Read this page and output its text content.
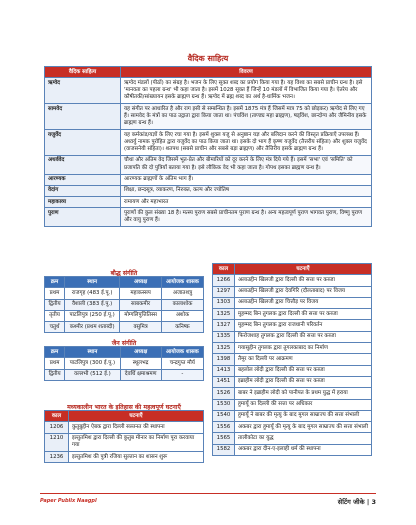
वैदिक साहित्य
वैदिक साहित्य	विवरण
ऋग्वेद	ऋग्वेद मंडलों (पीठों) का संग्रह है। भजन के लिए सूक्त शब्द का प्रयोग किया गया है। यह विश्व का सबसे प्राचीन ग्रन्थ है। इसे 'मानवता का पहला ग्रन्थ' भी कहा जाता है। इसमें 1028 सूक्त हैं जिन्हें 10 मंडलों में विभाजित किया गया है। ऐतरेय और कौषीतकी/सांख्यायन इसके ब्राह्मण ग्रन्थ हैं। ऋग्वेद में ब्रह्म शब्द का अर्थ है-धार्मिक भजन।
सामवेद	यह संगीत पर आधारित है और राग इसी से सम्बन्धित है। इसमें 1875 मंत्र हैं जिसमें मात्र 75 को छोड़कर) ऋग्वेद से लिए गए हैं। सामवेद के मंत्रों का पाठ उद्गाता द्वारा किया जाता था। पंचविंश (ताण्ड्य महा ब्राह्मण), षड्विंश, छान्दोग्य और जैमिनीय इसके ब्राह्मण ग्रन्थ हैं।
यजुर्वेद	यह कर्मकांड/यज्ञों के लिए रचा गया है। इसमें शुक्ल यजु से अनुष्ठान यज्ञ और बलिदान करने की विस्तृत प्रक्रियाएँ उपलब्ध हैं। अध्वर्यु नामक पुरोहित द्वारा यजुर्वेद का पाठ किया जाता था। इसके दो भाग हैं कृष्ण यजुर्वेद (तैत्तरीय संहिता) और शुक्ल यजुर्वेद (वाजसनेयी संहिता)। शतपथ (सबसे प्राचीन और सबसे बड़ा ब्राह्मण) और तैत्तिरीय इसके ब्राह्मण ग्रन्थ हैं।
अथर्ववेद	चौथा और अंतिम वेद जिसमें भूत-प्रेत और बीमारियों को दूर करने के लिए मंत्र दिये गये हैं। इसमें 'सभा' एवं 'समिति' को प्रजापति की दो पुत्रियाँ बताया गया है। इसे लौकिक वेद भी कहा जाता है। गोपथ इसका ब्राह्मण ग्रन्थ है।
आरण्यक	आरण्यक ब्राह्मणों के अंतिम भाग हैं।
वेदांग	शिक्षा, छन्दसूत्र, व्याकरण, निरुक्त, कल्प और ज्योतिष
महाकाव्य	रामायण और महाभारत
पुराण	पुराणों की कुल संख्या 18 है। मत्स्य पुराण सबसे प्राचीनतम पुराण ग्रन्थ है। अन्य महत्वपूर्ण पुराण भागवत पुराण, विष्णु पुराण और वायु पुराण हैं।
बौद्ध संगीति
क्रम	स्थान	अध्यक्ष	आयोजक शासक
प्रथम	राजगृह (483 ई.पू.)	महाकस्सप	अजातशत्रु
द्वितीय	वैशाली (383 ई.पू.)	साबकमीर	कालाशोक
तृतीय	पाटलिपुत्र (250 ई.पू.)	मोग्गलिपुत्तितिस्स	अशोक
चतुर्थ	कश्मीर (प्रथम शताब्दी)	वसुमित्र	कनिष्क
जैन संगीति
क्रम	स्थान	अध्यक्ष	आयोजक शासक
प्रथम	पाटलिपुत्र (300 ई.पू.)	स्थूलभद्र	चन्द्रगुप्त मौर्य
द्वितीय	वल्लभी (512 ई.)	देवर्धि क्षमाश्रमण	-
मध्यकालीन भारत के इतिहास की महत्वपूर्ण घटनाएँ
काल	घटनाएँ
1206	कुतुबुद्दीन ऐबक द्वारा दिल्ली सल्तनत की स्थापना
1210	इल्तुतमिश द्वारा दिल्ली की कुतुब मीनार का निर्माण पूरा करवाया गया
1236	इल्तुतमिश की पुत्री रजिया सुल्तान का शासन शुरू
काल	घटनाएँ
1266	अलाउद्दीन खिलजी द्वारा दिल्ली की सत्ता पर कब्जा
1297	अलाउद्दीन खिलजी द्वारा देवगिरि (दौलताबाद) पर विजय
1303	अलाउद्दीन खिलजी द्वारा चित्तौड़ पर विजय
1325	मुहम्मद बिन तुगलक द्वारा दिल्ली की सत्ता पर कब्जा
1327	मुहम्मद बिन तुगलक द्वारा राजधानी परिवर्तन
1335	फिरोजशाह तुगलक द्वारा दिल्ली की सत्ता पर कब्जा
1325	गयासुद्दीन तुगलक द्वारा तुगलकाबाद का निर्माण
1398	तैमूर का दिल्ली पर आक्रमण
1413	बहलोल लोदी द्वारा दिल्ली की सत्ता पर कब्जा
1451	इब्राहीम लोदी द्वारा दिल्ली की सत्ता पर कब्जा
1526	बाबर ने इब्राहीम लोदी को पानीपत के प्रथम युद्ध में हराया
1530	हुमायूँ का दिल्ली की सत्ता पर अधिकार
1540	हुमायूँ ने बाबर की मृत्यु के बाद मुगल साम्राज्य की सत्ता संभाली
1556	अकबर द्वारा हुमायूँ की मृत्यु के बाद मुगल साम्राज्य की सत्ता संभाली
1565	तालीकोटा का युद्ध
1582	अकबर द्वारा दीन-ए-इलाही धर्म की स्थापना
Paper Publix Naagpl	सेटिंग जीके | 3
